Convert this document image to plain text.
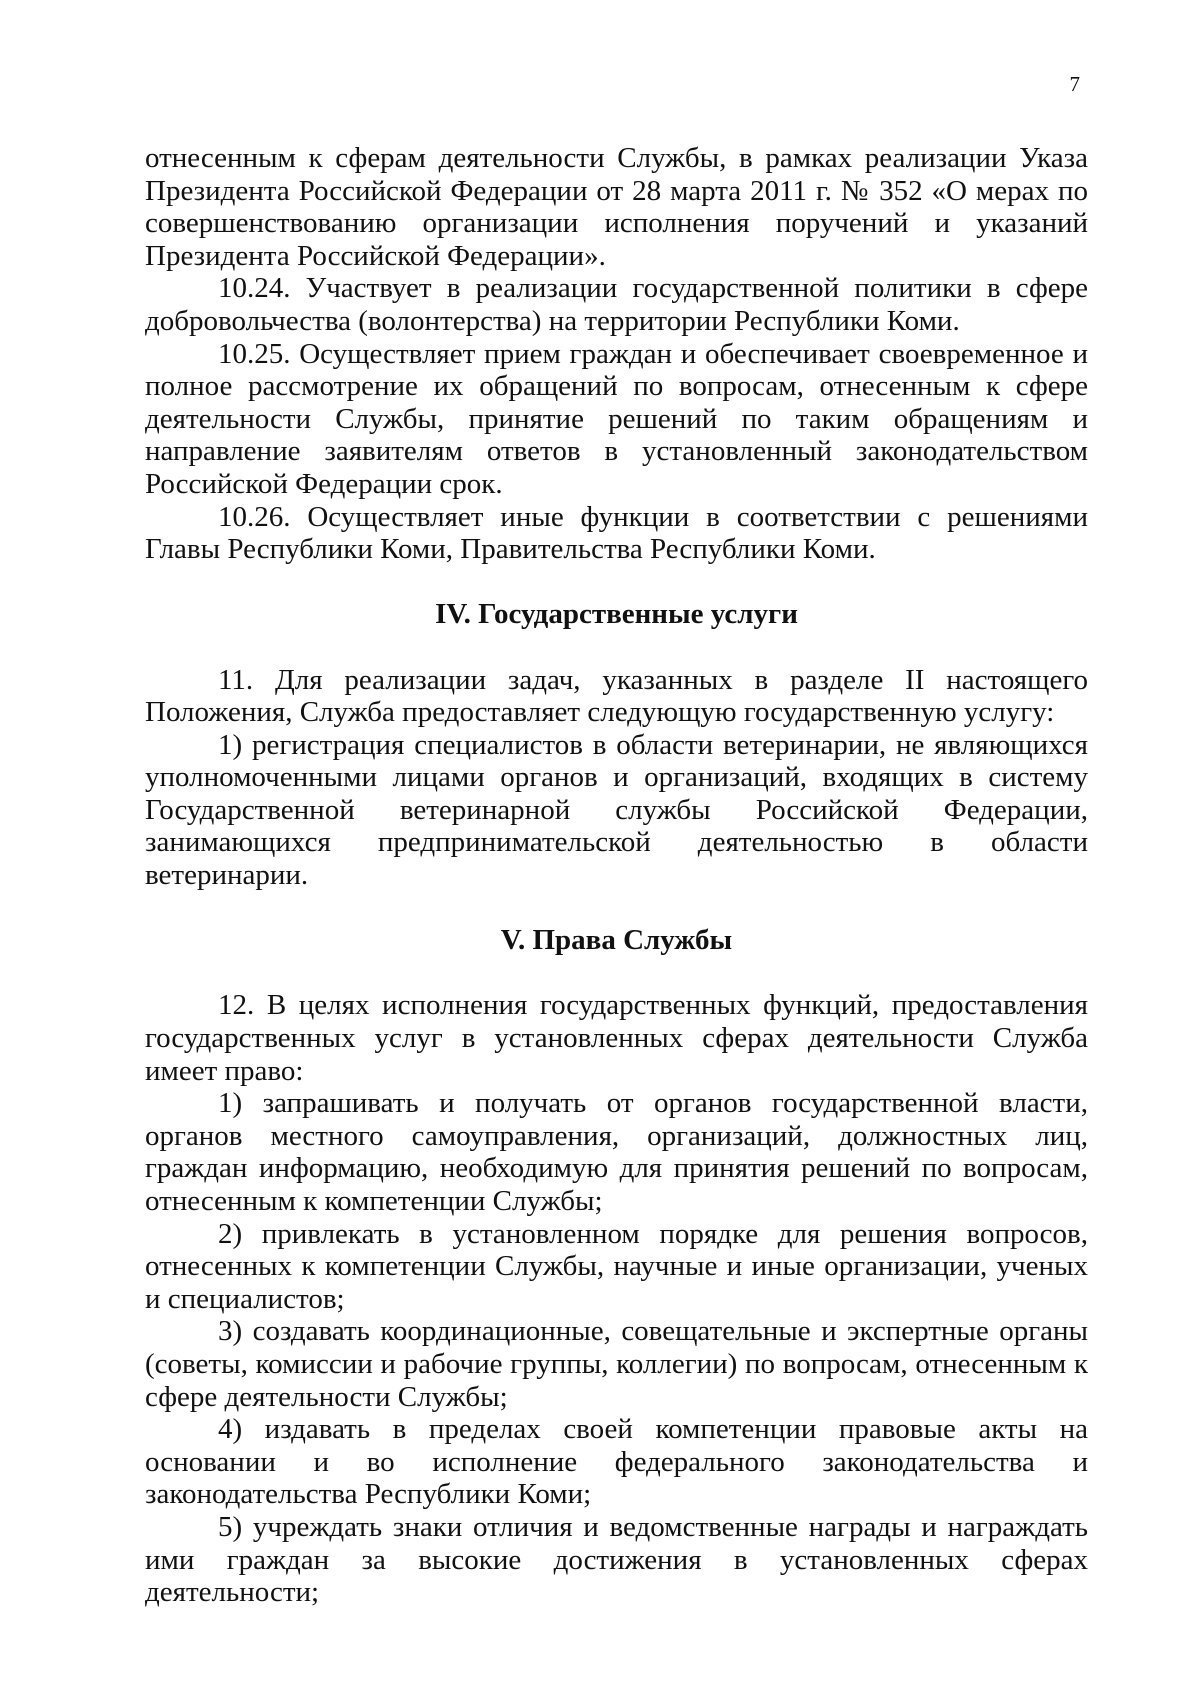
7

отнесенным к сферам деятельности Службы, в рамках реализации Указа Президента Российской Федерации от 28 марта 2011 г. № 352 «О мерах по совершенствованию организации исполнения поручений и указаний Президента Российской Федерации».

10.24. Участвует в реализации государственной политики в сфере добровольчества (волонтерства) на территории Республики Коми.

10.25. Осуществляет прием граждан и обеспечивает своевременное и полное рассмотрение их обращений по вопросам, отнесенным к сфере деятельности Службы, принятие решений по таким обращениям и направление заявителям ответов в установленный законодательством Российской Федерации срок.

10.26. Осуществляет иные функции в соответствии с решениями Главы Республики Коми, Правительства Республики Коми.

IV. Государственные услуги

11. Для реализации задач, указанных в разделе II настоящего Положения, Служба предоставляет следующую государственную услугу:

1) регистрация специалистов в области ветеринарии, не являющихся уполномоченными лицами органов и организаций, входящих в систему Государственной ветеринарной службы Российской Федерации, занимающихся предпринимательской деятельностью в области ветеринарии.

V. Права Службы

12. В целях исполнения государственных функций, предоставления государственных услуг в установленных сферах деятельности Служба имеет право:

1) запрашивать и получать от органов государственной власти, органов местного самоуправления, организаций, должностных лиц, граждан информацию, необходимую для принятия решений по вопросам, отнесенным к компетенции Службы;

2) привлекать в установленном порядке для решения вопросов, отнесенных к компетенции Службы, научные и иные организации, ученых и специалистов;

3) создавать координационные, совещательные и экспертные органы (советы, комиссии и рабочие группы, коллегии) по вопросам, отнесенным к сфере деятельности Службы;

4) издавать в пределах своей компетенции правовые акты на основании и во исполнение федерального законодательства и законодательства Республики Коми;

5) учреждать знаки отличия и ведомственные награды и награждать ими граждан за высокие достижения в установленных сферах деятельности;
